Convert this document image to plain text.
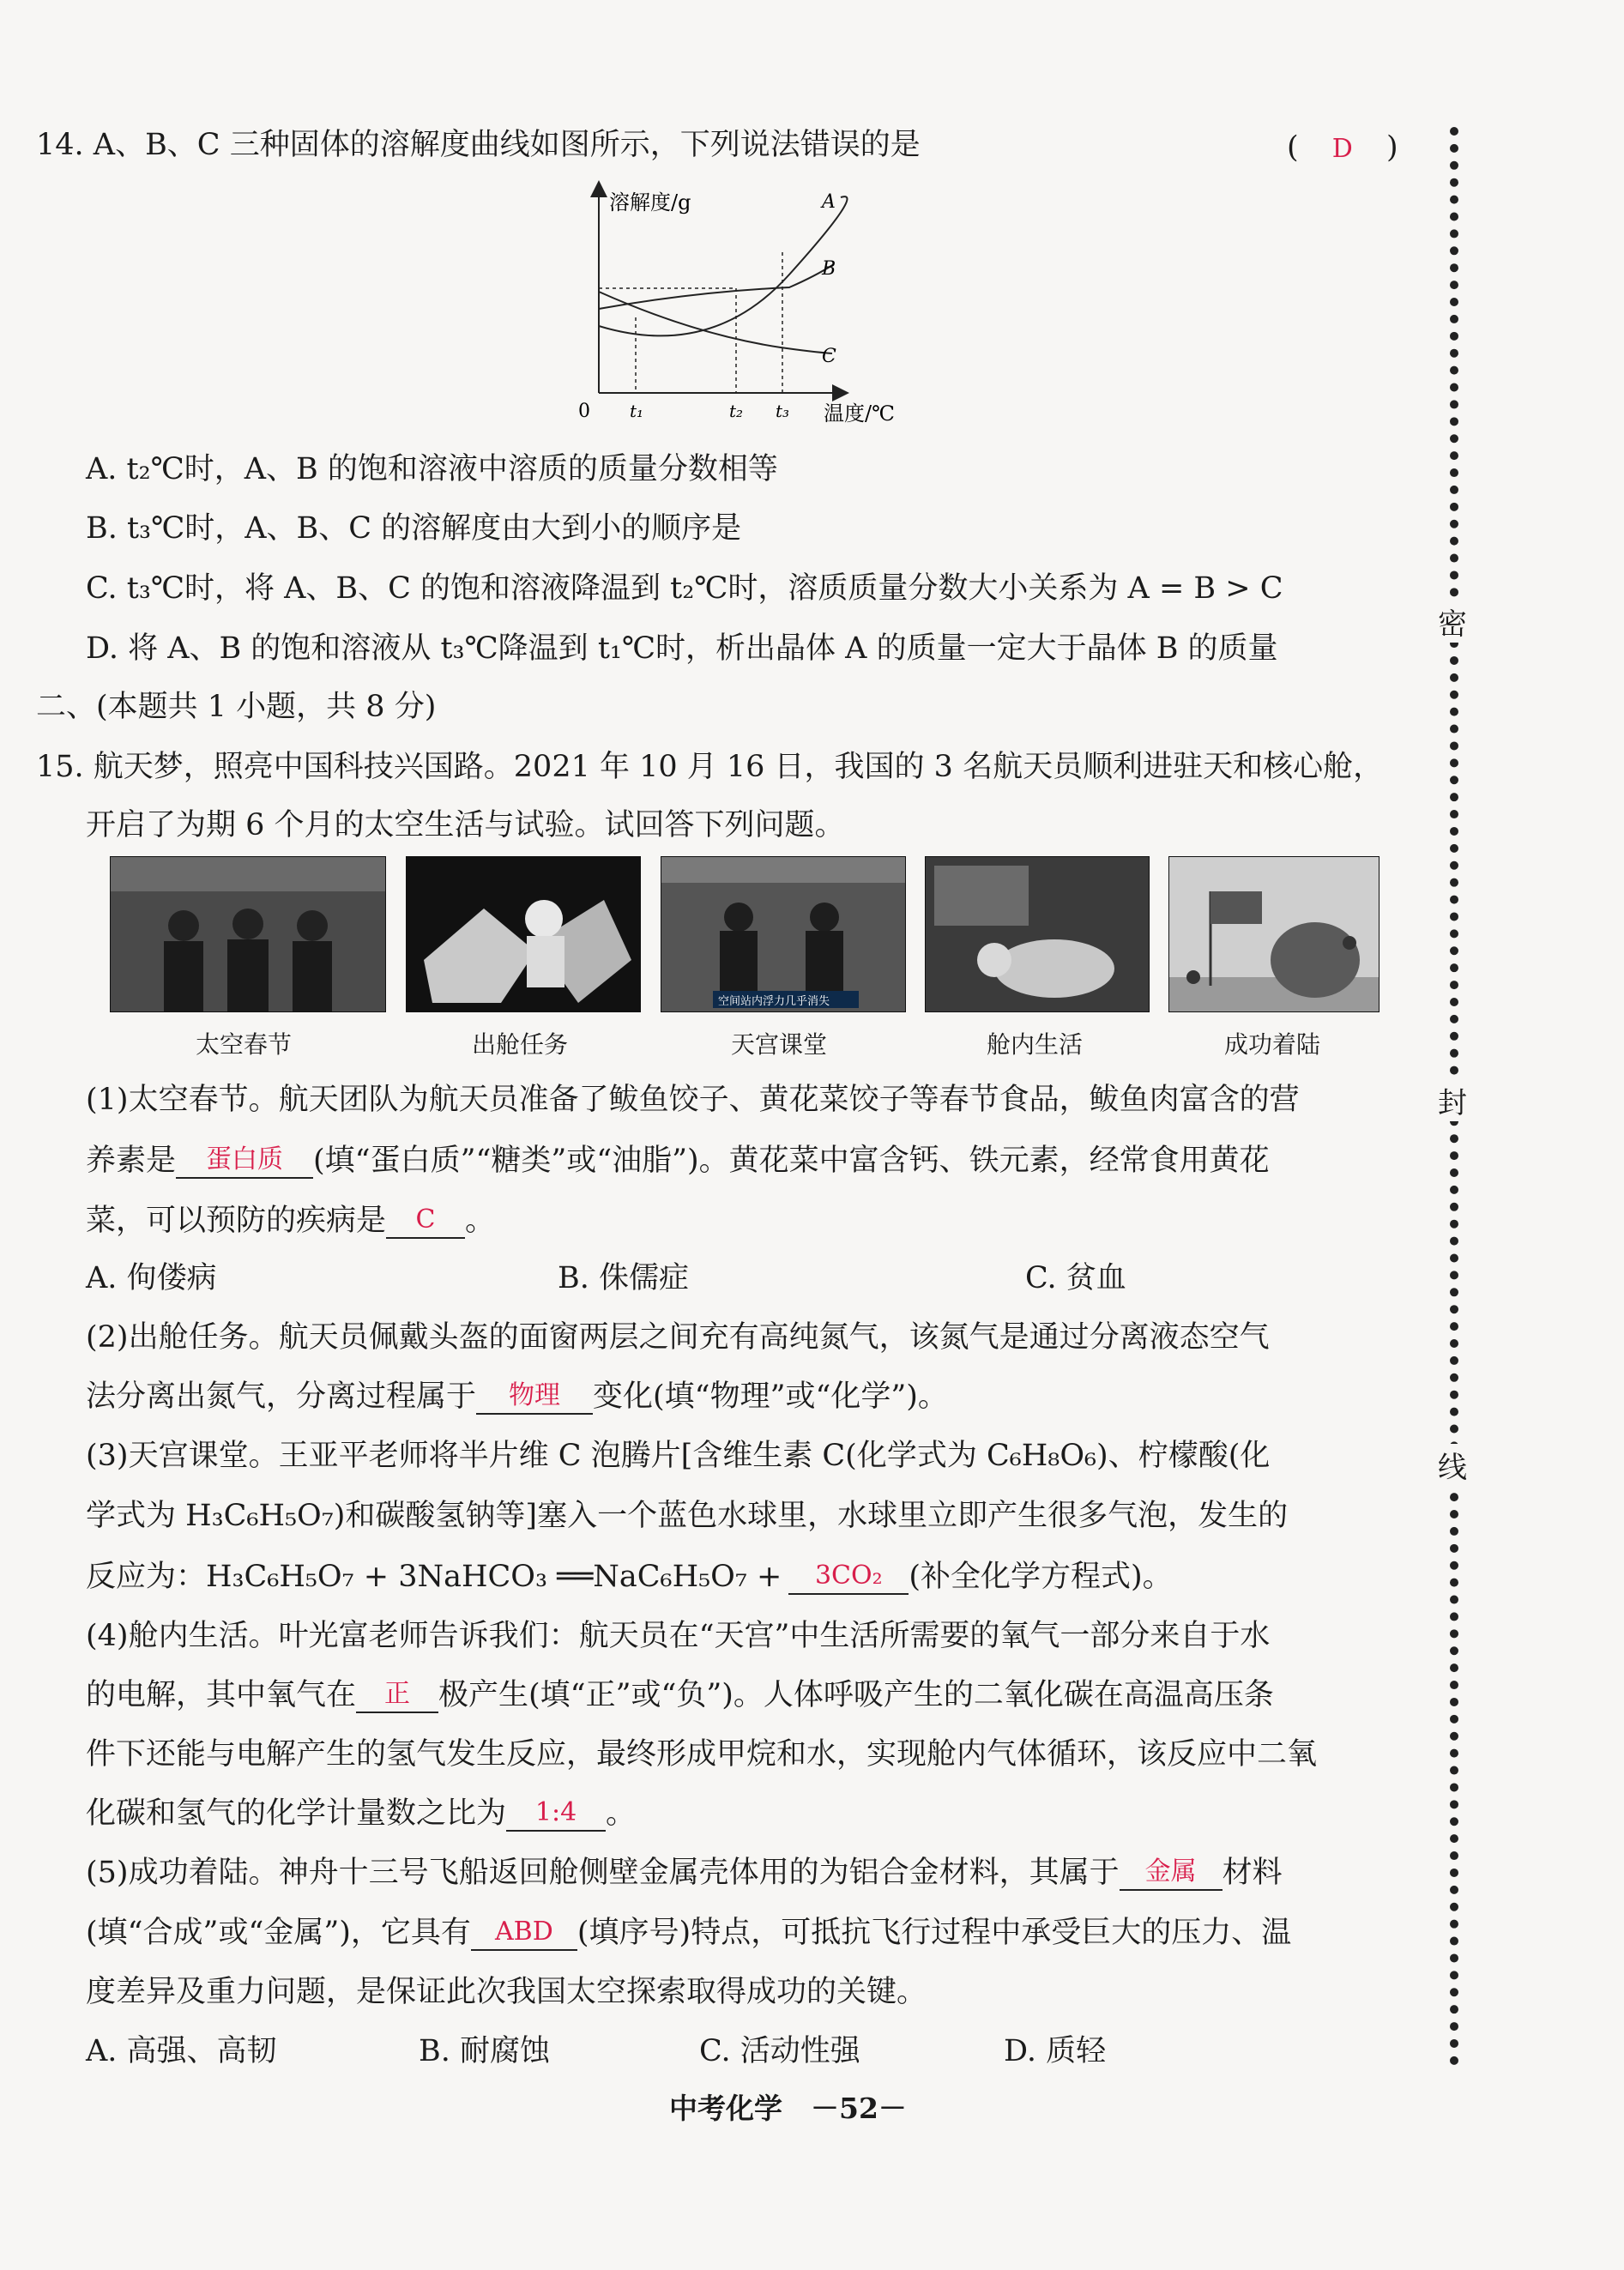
14. A、B、C 三种固体的溶解度曲线如图所示，下列说法错误的是	( D )
溶解度/g
0 t₁	t₂ t₃ 温度/℃
A
B
C
A. t₂℃时，A、B 的饱和溶液中溶质的质量分数相等
B. t₃℃时，A、B、C 的溶解度由大到小的顺序是
C. t₃℃时，将 A、B、C 的饱和溶液降温到 t₂℃时，溶质质量分数大小关系为 A = B > C
D. 将 A、B 的饱和溶液从 t₃℃降温到 t₁℃时，析出晶体 A 的质量一定大于晶体 B 的质量
二、(本题共 1 小题，共 8 分)
15. 航天梦，照亮中国科技兴国路。2021 年 10 月 16 日，我国的 3 名航天员顺利进驻天和核心舱，
开启了为期 6 个月的太空生活与试验。试回答下列问题。
空间站内浮力几乎消失
太空春节	出舱任务	天宫课堂	舱内生活	成功着陆
(1)太空春节。航天团队为航天员准备了鲅鱼饺子、黄花菜饺子等春节食品，鲅鱼肉富含的营
养素是 蛋白质 (填“蛋白质”“糖类”或“油脂”)。黄花菜中富含钙、铁元素，经常食用黄花
菜，可以预防的疾病是 C 。
A. 佝偻病	B. 侏儒症	C. 贫血
(2)出舱任务。航天员佩戴头盔的面窗两层之间充有高纯氮气，该氮气是通过分离液态空气
法分离出氮气，分离过程属于 物理 变化(填“物理”或“化学”)。
(3)天宫课堂。王亚平老师将半片维 C 泡腾片[含维生素 C(化学式为 C₆H₈O₆)、柠檬酸(化
学式为 H₃C₆H₅O₇)和碳酸氢钠等]塞入一个蓝色水球里，水球里立即产生很多气泡，发生的
反应为：H₃C₆H₅O₇ + 3NaHCO₃ ══NaC₆H₅O₇ + 3CO₂ (补全化学方程式)。
(4)舱内生活。叶光富老师告诉我们：航天员在“天宫”中生活所需要的氧气一部分来自于水
的电解，其中氧气在 正 极产生(填“正”或“负”)。人体呼吸产生的二氧化碳在高温高压条
件下还能与电解产生的氢气发生反应，最终形成甲烷和水，实现舱内气体循环，该反应中二氧
化碳和氢气的化学计量数之比为 1:4 。
(5)成功着陆。神舟十三号飞船返回舱侧壁金属壳体用的为铝合金材料，其属于 金属 材料
(填“合成”或“金属”)，它具有 ABD (填序号)特点，可抵抗飞行过程中承受巨大的压力、温
度差异及重力问题，是保证此次我国太空探索取得成功的关键。
A. 高强、高韧	B. 耐腐蚀	C. 活动性强	D. 质轻
密
封
线
中考化学　－52－
